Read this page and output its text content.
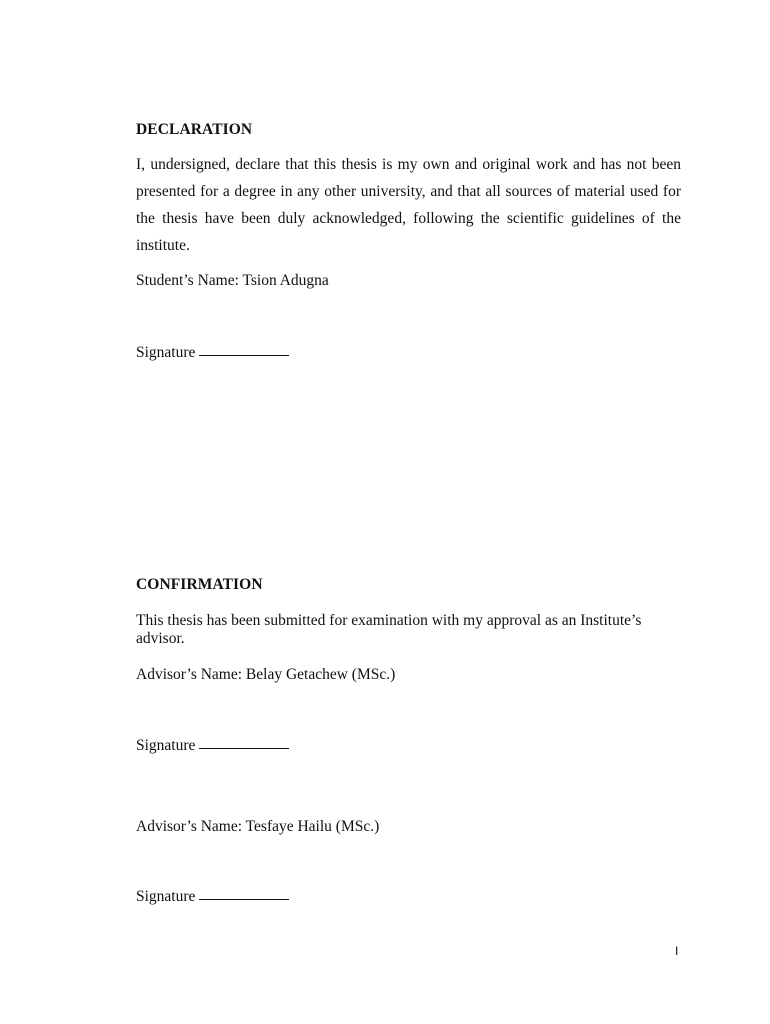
DECLARATION
I, undersigned, declare that this thesis is my own and original work and has not been presented for a degree in any other university, and that all sources of material used for the thesis have been duly acknowledged, following the scientific guidelines of the institute.
Student’s Name: Tsion Adugna
Signature
CONFIRMATION
This thesis has been submitted for examination with my approval as an Institute’s advisor.
Advisor’s Name: Belay Getachew (MSc.)
Signature
Advisor’s Name: Tesfaye Hailu (MSc.)
Signature
I
